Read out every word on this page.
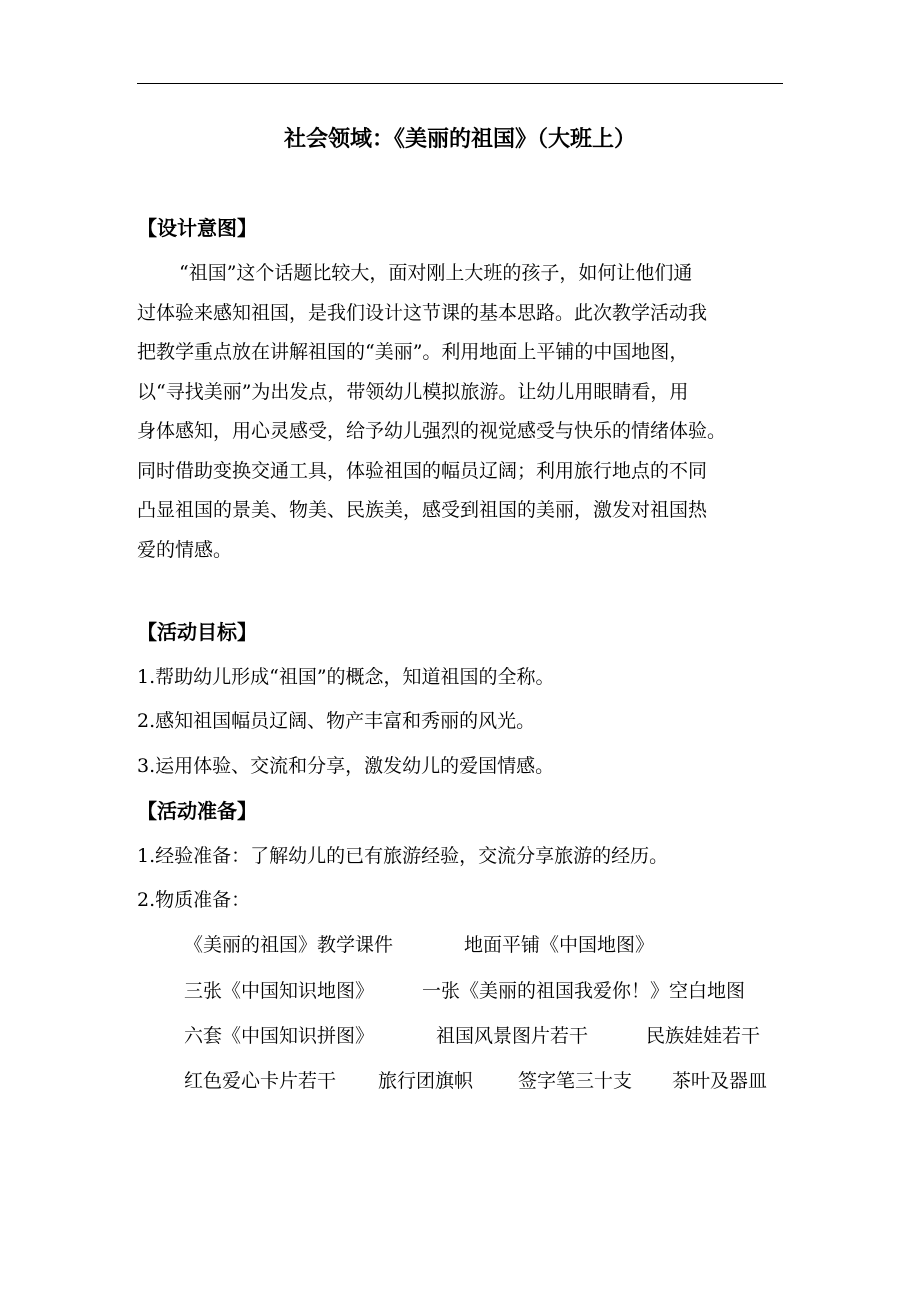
社会领域：《美丽的祖国》（大班上）
【设计意图】
“祖国”这个话题比较大，面对刚上大班的孩子，如何让他们通
过体验来感知祖国，是我们设计这节课的基本思路。此次教学活动我
把教学重点放在讲解祖国的“美丽”。利用地面上平铺的中国地图，
以“寻找美丽”为出发点，带领幼儿模拟旅游。让幼儿用眼睛看，用
身体感知，用心灵感受，给予幼儿强烈的视觉感受与快乐的情绪体验。
同时借助变换交通工具，体验祖国的幅员辽阔；利用旅行地点的不同
凸显祖国的景美、物美、民族美，感受到祖国的美丽，激发对祖国热
爱的情感。
【活动目标】
1.帮助幼儿形成“祖国”的概念，知道祖国的全称。
2.感知祖国幅员辽阔、物产丰富和秀丽的风光。
3.运用体验、交流和分享，激发幼儿的爱国情感。
【活动准备】
1.经验准备：了解幼儿的已有旅游经验，交流分享旅游的经历。
2.物质准备：
《美丽的祖国》教学课件	地面平铺《中国地图》
三张《中国知识地图》	一张《美丽的祖国我爱你！》空白地图
六套《中国知识拼图》	祖国风景图片若干	民族娃娃若干
红色爱心卡片若干 旅行团旗帜 签字笔三十支 茶叶及器皿
